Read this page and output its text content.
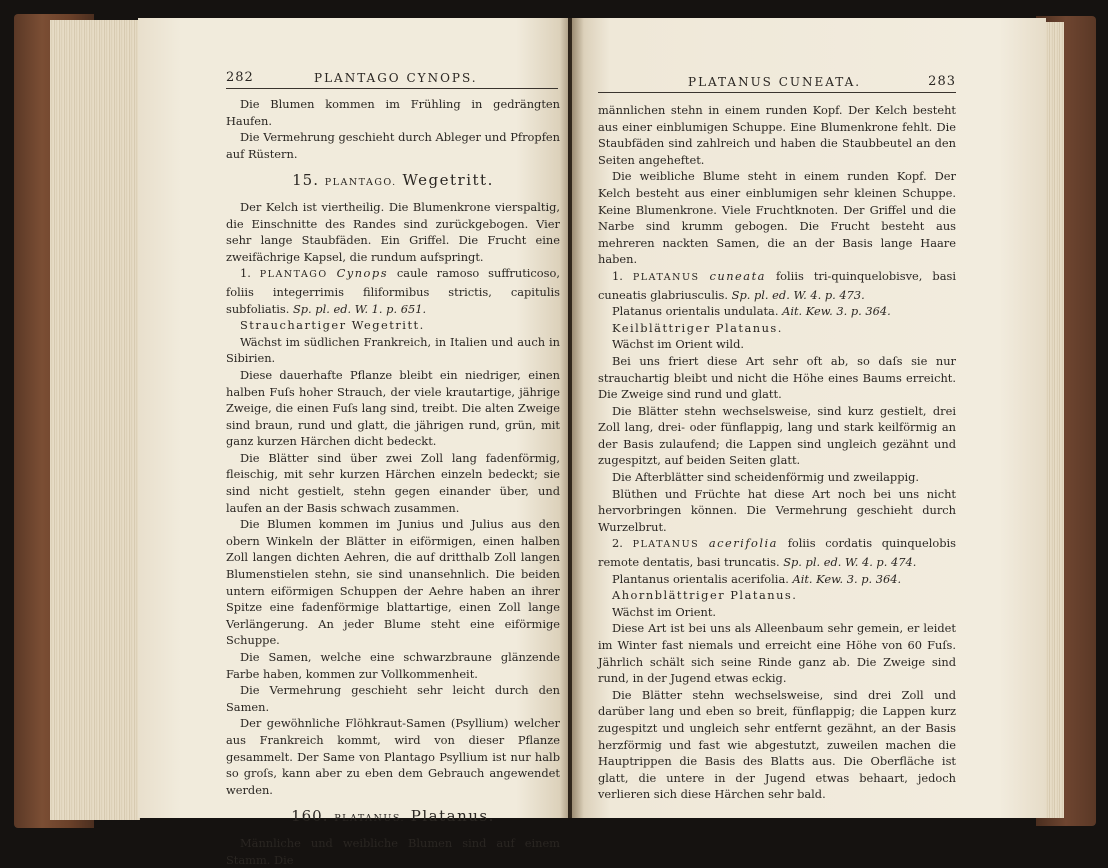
282	PLANTAGO CYNOPS.

Die Blumen kommen im Frühling in gedrängten Haufen.

Die Vermehrung geschieht durch Ableger und Pfropfen auf Rüstern.

15. PLANTAGO. Wegetritt.

Der Kelch ist viertheilig. Die Blumenkrone vierspaltig, die Einschnitte des Randes sind zurückgebogen. Vier sehr lange Staubfäden. Ein Griffel. Die Frucht eine zweifächrige Kapsel, die rundum aufspringt.

1. PLANTAGO Cynops caule ramoso suffruticoso, foliis integerrimis filiformibus strictis, capitulis subfoliatis. Sp. pl. ed. W. 1. p. 651.

Strauchartiger Wegetritt.

Wächst im südlichen Frankreich, in Italien und auch in Sibirien.

Diese dauerhafte Pflanze bleibt ein niedriger, einen halben Fuſs hoher Strauch, der viele krautartige, jährige Zweige, die einen Fuſs lang sind, treibt. Die alten Zweige sind braun, rund und glatt, die jährigen rund, grün, mit ganz kurzen Härchen dicht bedeckt.

Die Blätter sind über zwei Zoll lang fadenförmig, fleischig, mit sehr kurzen Härchen einzeln bedeckt; sie sind nicht gestielt, stehn gegen einander über, und laufen an der Basis schwach zusammen.

Die Blumen kommen im Junius und Julius aus den obern Winkeln der Blätter in eiförmigen, einen halben Zoll langen dichten Aehren, die auf dritthalb Zoll langen Blumenstielen stehn, sie sind unansehnlich. Die beiden untern eiförmigen Schuppen der Aehre haben an ihrer Spitze eine fadenförmige blattartige, einen Zoll lange Verlängerung. An jeder Blume steht eine eiförmige Schuppe.

Die Samen, welche eine schwarzbraune glänzende Farbe haben, kommen zur Vollkommenheit.

Die Vermehrung geschieht sehr leicht durch den Samen.

Der gewöhnliche Flöhkraut-Samen (Psyllium) welcher aus Frankreich kommt, wird von dieser Pflanze gesammelt. Der Same von Plantago Psyllium ist nur halb so groſs, kann aber zu eben dem Gebrauch angewendet werden.

160. PLATANUS. Platanus.

Männliche und weibliche Blumen sind auf einem Stamm. Die

PLATANUS CUNEATA.	283

männlichen stehn in einem runden Kopf. Der Kelch besteht aus einer einblumigen Schuppe. Eine Blumenkrone fehlt. Die Staubfäden sind zahlreich und haben die Staubbeutel an den Seiten angeheftet.

Die weibliche Blume steht in einem runden Kopf. Der Kelch besteht aus einer einblumigen sehr kleinen Schuppe. Keine Blumenkrone. Viele Fruchtknoten. Der Griffel und die Narbe sind krumm gebogen. Die Frucht besteht aus mehreren nackten Samen, die an der Basis lange Haare haben.

1. PLATANUS cuneata foliis tri-quinquelobisve, basi cuneatis glabriusculis. Sp. pl. ed. W. 4. p. 473.

Platanus orientalis undulata. Ait. Kew. 3. p. 364.

Keilblättriger Platanus.

Wächst im Orient wild.

Bei uns friert diese Art sehr oft ab, so daſs sie nur strauchartig bleibt und nicht die Höhe eines Baums erreicht. Die Zweige sind rund und glatt.

Die Blätter stehn wechselsweise, sind kurz gestielt, drei Zoll lang, drei- oder fünflappig, lang und stark keilförmig an der Basis zulaufend; die Lappen sind ungleich gezähnt und zugespitzt, auf beiden Seiten glatt.

Die Afterblätter sind scheidenförmig und zweilappig.

Blüthen und Früchte hat diese Art noch bei uns nicht hervorbringen können. Die Vermehrung geschieht durch Wurzelbrut.

2. PLATANUS acerifolia foliis cordatis quinquelobis remote dentatis, basi truncatis. Sp. pl. ed. W. 4. p. 474.

Plantanus orientalis acerifolia. Ait. Kew. 3. p. 364.

Ahornblättriger Platanus.

Wächst im Orient.

Diese Art ist bei uns als Alleenbaum sehr gemein, er leidet im Winter fast niemals und erreicht eine Höhe von 60 Fuſs. Jährlich schält sich seine Rinde ganz ab. Die Zweige sind rund, in der Jugend etwas eckig.

Die Blätter stehn wechselsweise, sind drei Zoll und darüber lang und eben so breit, fünflappig; die Lappen kurz zugespitzt und ungleich sehr entfernt gezähnt, an der Basis herzförmig und fast wie abgestutzt, zuweilen machen die Hauptrippen die Basis des Blatts aus. Die Oberfläche ist glatt, die untere in der Jugend etwas behaart, jedoch verlieren sich diese Härchen sehr bald.
